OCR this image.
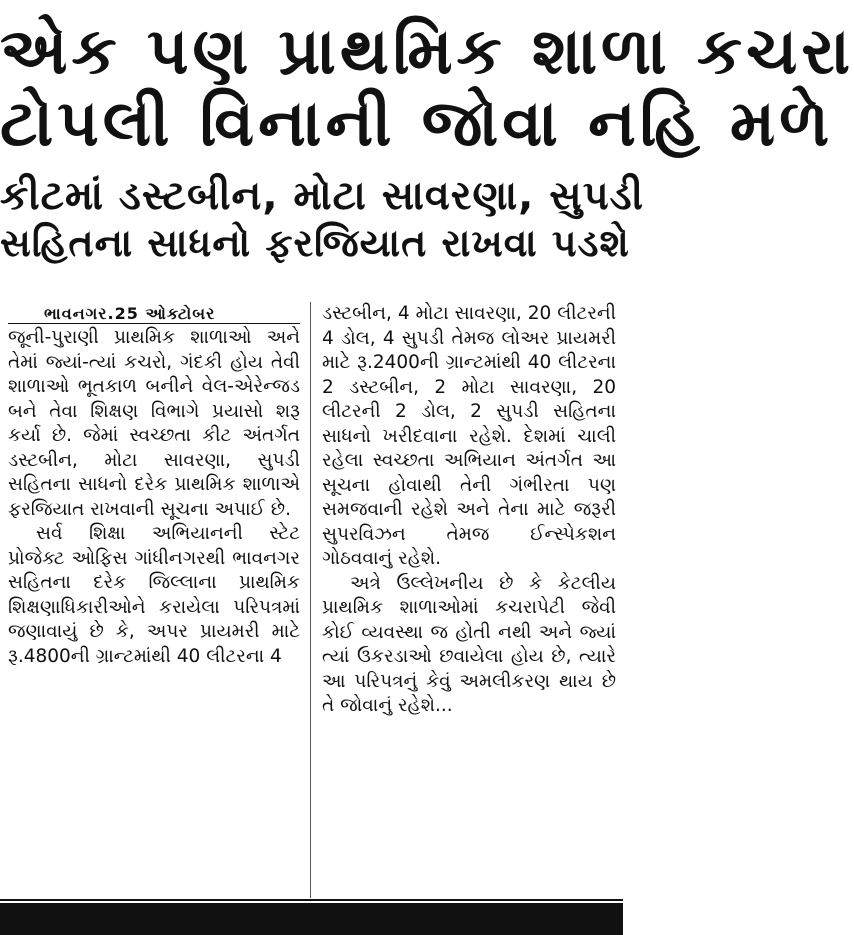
એક પણ પ્રાથમિક શાળા કચરા
ટોપલી વિનાની જોવા નહિ મળે
કીટમાં ડસ્ટબીન, મોટા સાવરણા, સુપડી
સહિતના સાધનો ફરજિયાત રાખવા પડશે
ભાવનગર.25 ઓક્ટોબર

જૂની-પુરાણી પ્રાથમિક શાળાઓ અને તેમાં જ્યાં-ત્યાં કચરો, ગંદકી હોય તેવી શાળાઓ ભૂતકાળ બનીને વેલ-એરેન્જડ બને તેવા શિક્ષણ વિભાગે પ્રયાસો શરૂ કર્યા છે. જેમાં સ્વચ્છતા કીટ અંતર્ગત ડસ્ટબીન, મોટા સાવરણા, સુપડી સહિતના સાધનો દરેક પ્રાથમિક શાળાએ ફરજિયાત રાખવાની સૂચના અપાઈ છે.

સર્વ શિક્ષા અભિયાનની સ્ટેટ પ્રોજેક્ટ ઓફિસ ગાંધીનગરથી ભાવનગર સહિતના દરેક જિલ્લાના પ્રાથમિક શિક્ષણાધિકારીઓને કરાયેલા પરિપત્રમાં જણાવાયું છે કે, અપર પ્રાયમરી માટે રૂ.4800ની ગ્રાન્ટમાંથી 40 લીટરના 4

ડસ્ટબીન, 4 મોટા સાવરણા, 20 લીટરની 4 ડોલ, 4 સુપડી તેમજ લોઅર પ્રાયમરી માટે રૂ.2400ની ગ્રાન્ટમાંથી 40 લીટરના 2 ડસ્ટબીન, 2 મોટા સાવરણા, 20 લીટરની 2 ડોલ, 2 સુપડી સહિતના સાધનો ખરીદવાના રહેશે. દેશમાં ચાલી રહેલા સ્વચ્છતા અભિયાન અંતર્ગત આ સૂચના હોવાથી તેની ગંભીરતા પણ સમજવાની રહેશે અને તેના માટે જરૂરી સુપરવિઝન તેમજ ઈન્સ્પેકશન ગોઠવવાનું રહેશે.

અત્રે ઉલ્લેખનીય છે કે કેટલીય પ્રાથમિક શાળાઓમાં કચરાપેટી જેવી કોઈ વ્યવસ્થા જ હોતી નથી અને જ્યાં ત્યાં ઉકરડાઓ છવાયેલા હોય છે, ત્યારે આ પરિપત્રનું કેવું અમલીકરણ થાય છે તે જોવાનું રહેશે...
